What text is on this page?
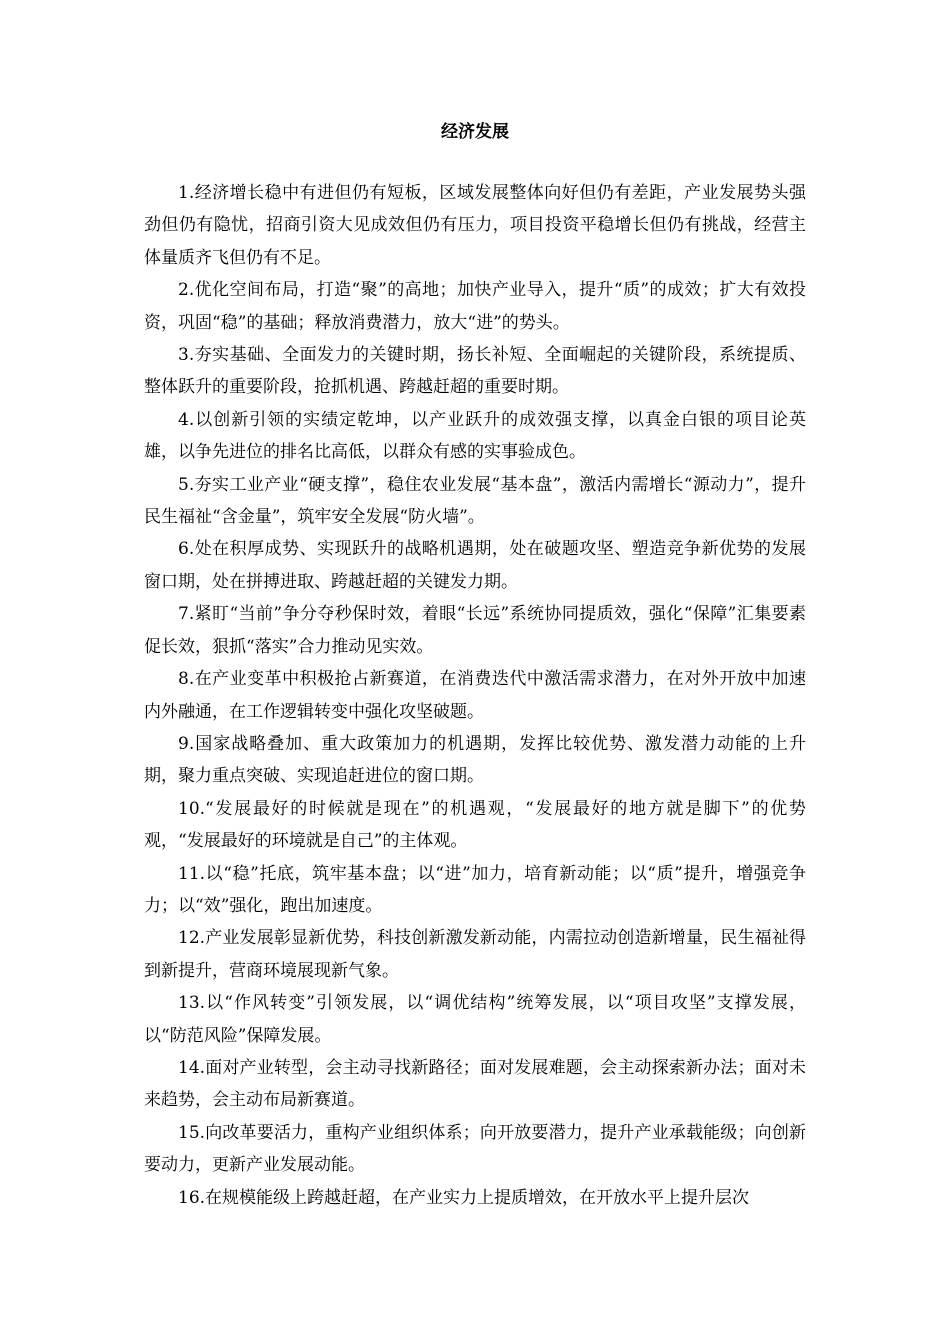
经济发展

1.经济增长稳中有进但仍有短板，区域发展整体向好但仍有差距，产业发展势头强劲但仍有隐忧，招商引资大见成效但仍有压力，项目投资平稳增长但仍有挑战，经营主体量质齐飞但仍有不足。

2.优化空间布局，打造“聚”的高地；加快产业导入，提升“质”的成效；扩大有效投资，巩固“稳”的基础；释放消费潜力，放大“进”的势头。

3.夯实基础、全面发力的关键时期，扬长补短、全面崛起的关键阶段，系统提质、整体跃升的重要阶段，抢抓机遇、跨越赶超的重要时期。

4.以创新引领的实绩定乾坤，以产业跃升的成效强支撑，以真金白银的项目论英雄，以争先进位的排名比高低，以群众有感的实事验成色。

5.夯实工业产业“硬支撑”，稳住农业发展“基本盘”，激活内需增长“源动力”，提升民生福祉“含金量”，筑牢安全发展“防火墙”。

6.处在积厚成势、实现跃升的战略机遇期，处在破题攻坚、塑造竞争新优势的发展窗口期，处在拼搏进取、跨越赶超的关键发力期。

7.紧盯“当前”争分夺秒保时效，着眼“长远”系统协同提质效，强化“保障”汇集要素促长效，狠抓“落实”合力推动见实效。

8.在产业变革中积极抢占新赛道，在消费迭代中激活需求潜力，在对外开放中加速内外融通，在工作逻辑转变中强化攻坚破题。

9.国家战略叠加、重大政策加力的机遇期，发挥比较优势、激发潜力动能的上升期，聚力重点突破、实现追赶进位的窗口期。

10.“发展最好的时候就是现在”的机遇观，“发展最好的地方就是脚下”的优势观，“发展最好的环境就是自己”的主体观。

11.以“稳”托底，筑牢基本盘；以“进”加力，培育新动能；以“质”提升，增强竞争力；以“效”强化，跑出加速度。

12.产业发展彰显新优势，科技创新激发新动能，内需拉动创造新增量，民生福祉得到新提升，营商环境展现新气象。

13.以“作风转变”引领发展，以“调优结构”统筹发展，以“项目攻坚”支撑发展，以“防范风险”保障发展。

14.面对产业转型，会主动寻找新路径；面对发展难题，会主动探索新办法；面对未来趋势，会主动布局新赛道。

15.向改革要活力，重构产业组织体系；向开放要潜力，提升产业承载能级；向创新要动力，更新产业发展动能。

16.在规模能级上跨越赶超，在产业实力上提质增效，在开放水平上提升层次
